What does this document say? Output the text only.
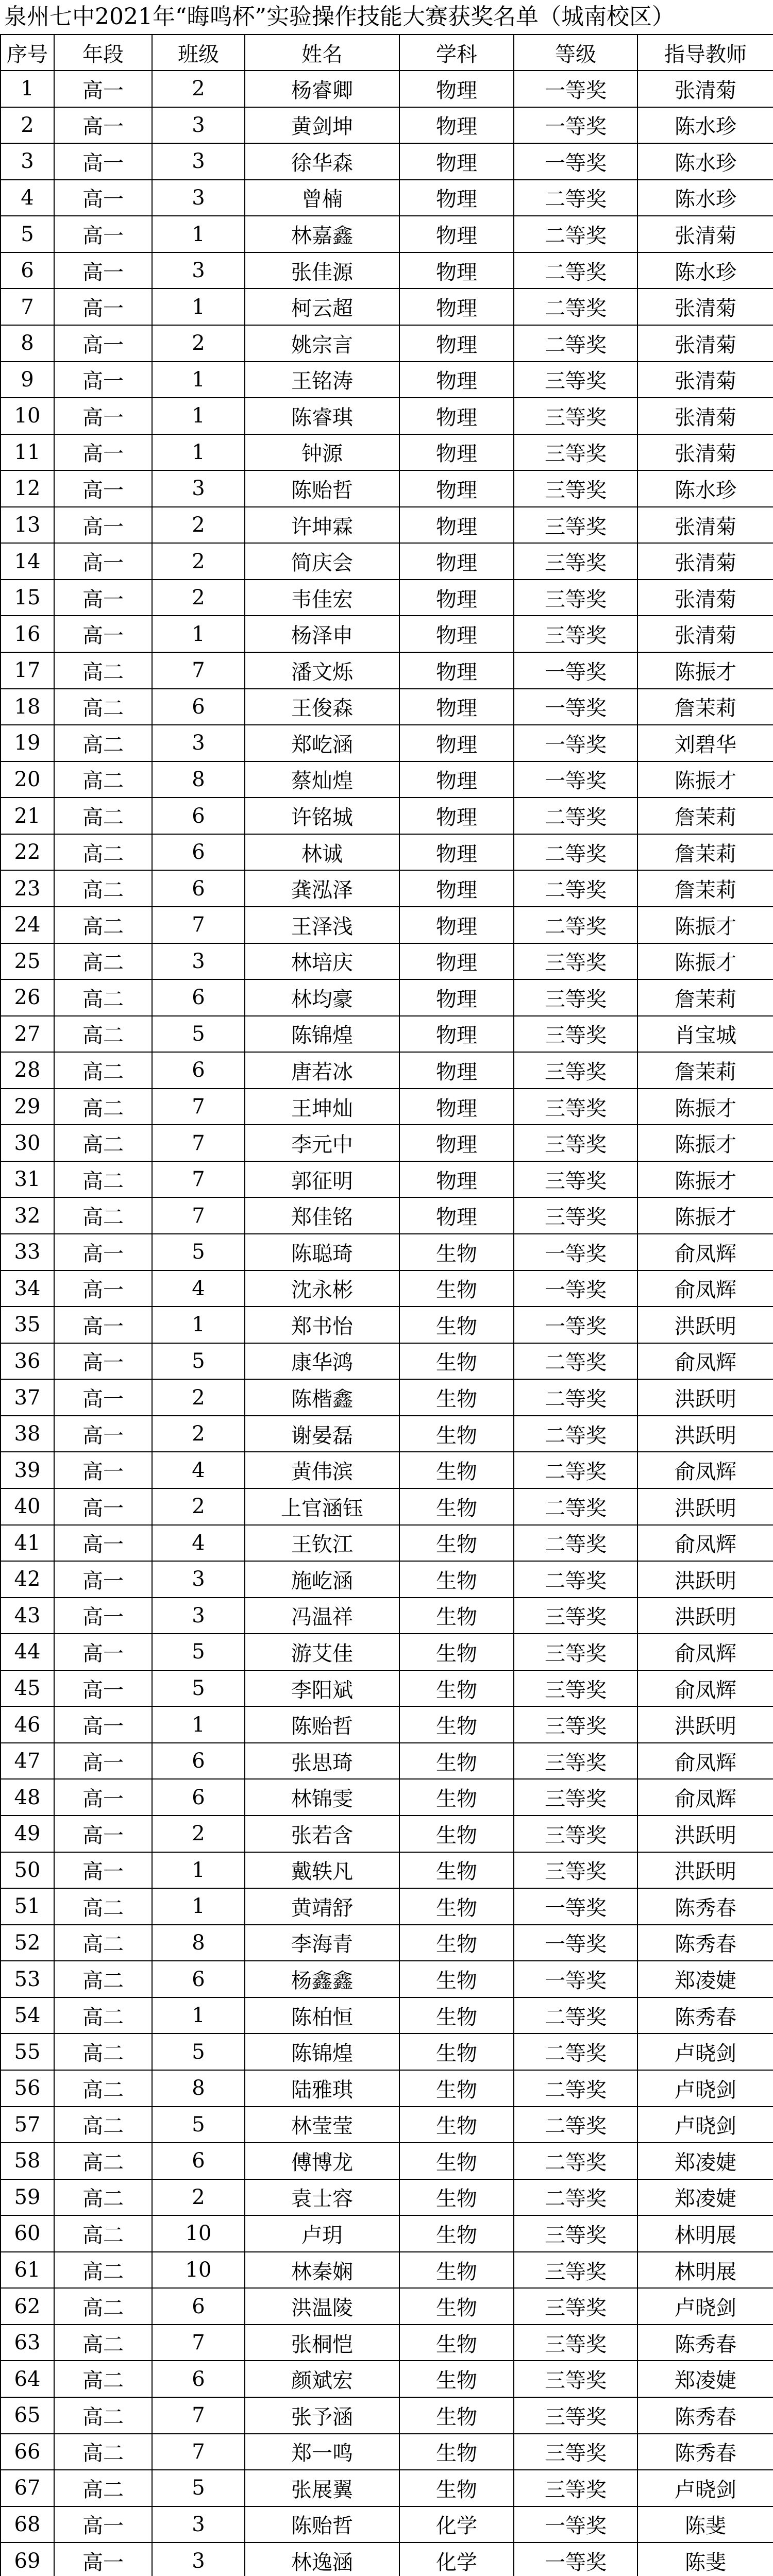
泉州七中2021年“晦鸣杯”实验操作技能大赛获奖名单（城南校区）
序号	年段	班级	姓名	学科	等级	指导教师
1	高一	2	杨睿卿	物理	一等奖	张清菊
2	高一	3	黄剑坤	物理	一等奖	陈水珍
3	高一	3	徐华森	物理	一等奖	陈水珍
4	高一	3	曾楠	物理	二等奖	陈水珍
5	高一	1	林嘉鑫	物理	二等奖	张清菊
6	高一	3	张佳源	物理	二等奖	陈水珍
7	高一	1	柯云超	物理	二等奖	张清菊
8	高一	2	姚宗言	物理	二等奖	张清菊
9	高一	1	王铭涛	物理	三等奖	张清菊
10	高一	1	陈睿琪	物理	三等奖	张清菊
11	高一	1	钟源	物理	三等奖	张清菊
12	高一	3	陈贻哲	物理	三等奖	陈水珍
13	高一	2	许坤霖	物理	三等奖	张清菊
14	高一	2	简庆会	物理	三等奖	张清菊
15	高一	2	韦佳宏	物理	三等奖	张清菊
16	高一	1	杨泽申	物理	三等奖	张清菊
17	高二	7	潘文烁	物理	一等奖	陈振才
18	高二	6	王俊森	物理	一等奖	詹茉莉
19	高二	3	郑屹涵	物理	一等奖	刘碧华
20	高二	8	蔡灿煌	物理	一等奖	陈振才
21	高二	6	许铭城	物理	二等奖	詹茉莉
22	高二	6	林诚	物理	二等奖	詹茉莉
23	高二	6	龚泓泽	物理	二等奖	詹茉莉
24	高二	7	王泽浅	物理	二等奖	陈振才
25	高二	3	林培庆	物理	三等奖	陈振才
26	高二	6	林均豪	物理	三等奖	詹茉莉
27	高二	5	陈锦煌	物理	三等奖	肖宝城
28	高二	6	唐若冰	物理	三等奖	詹茉莉
29	高二	7	王坤灿	物理	三等奖	陈振才
30	高二	7	李元中	物理	三等奖	陈振才
31	高二	7	郭征明	物理	三等奖	陈振才
32	高二	7	郑佳铭	物理	三等奖	陈振才
33	高一	5	陈聪琦	生物	一等奖	俞凤辉
34	高一	4	沈永彬	生物	一等奖	俞凤辉
35	高一	1	郑书怡	生物	一等奖	洪跃明
36	高一	5	康华鸿	生物	二等奖	俞凤辉
37	高一	2	陈楷鑫	生物	二等奖	洪跃明
38	高一	2	谢晏磊	生物	二等奖	洪跃明
39	高一	4	黄伟滨	生物	二等奖	俞凤辉
40	高一	2	上官涵钰	生物	二等奖	洪跃明
41	高一	4	王钦江	生物	二等奖	俞凤辉
42	高一	3	施屹涵	生物	二等奖	洪跃明
43	高一	3	冯温祥	生物	三等奖	洪跃明
44	高一	5	游艾佳	生物	三等奖	俞凤辉
45	高一	5	李阳斌	生物	三等奖	俞凤辉
46	高一	1	陈贻哲	生物	三等奖	洪跃明
47	高一	6	张思琦	生物	三等奖	俞凤辉
48	高一	6	林锦雯	生物	三等奖	俞凤辉
49	高一	2	张若含	生物	三等奖	洪跃明
50	高一	1	戴轶凡	生物	三等奖	洪跃明
51	高二	1	黄靖舒	生物	一等奖	陈秀春
52	高二	8	李海青	生物	一等奖	陈秀春
53	高二	6	杨鑫鑫	生物	一等奖	郑凌婕
54	高二	1	陈柏恒	生物	二等奖	陈秀春
55	高二	5	陈锦煌	生物	二等奖	卢晓剑
56	高二	8	陆雅琪	生物	二等奖	卢晓剑
57	高二	5	林莹莹	生物	二等奖	卢晓剑
58	高二	6	傅博龙	生物	二等奖	郑凌婕
59	高二	2	袁士容	生物	二等奖	郑凌婕
60	高二	10	卢玥	生物	三等奖	林明展
61	高二	10	林秦娴	生物	三等奖	林明展
62	高二	6	洪温陵	生物	三等奖	卢晓剑
63	高二	7	张桐恺	生物	三等奖	陈秀春
64	高二	6	颜斌宏	生物	三等奖	郑凌婕
65	高二	7	张予涵	生物	三等奖	陈秀春
66	高二	7	郑一鸣	生物	三等奖	陈秀春
67	高二	5	张展翼	生物	三等奖	卢晓剑
68	高一	3	陈贻哲	化学	一等奖	陈斐
69	高一	3	林逸涵	化学	一等奖	陈斐
